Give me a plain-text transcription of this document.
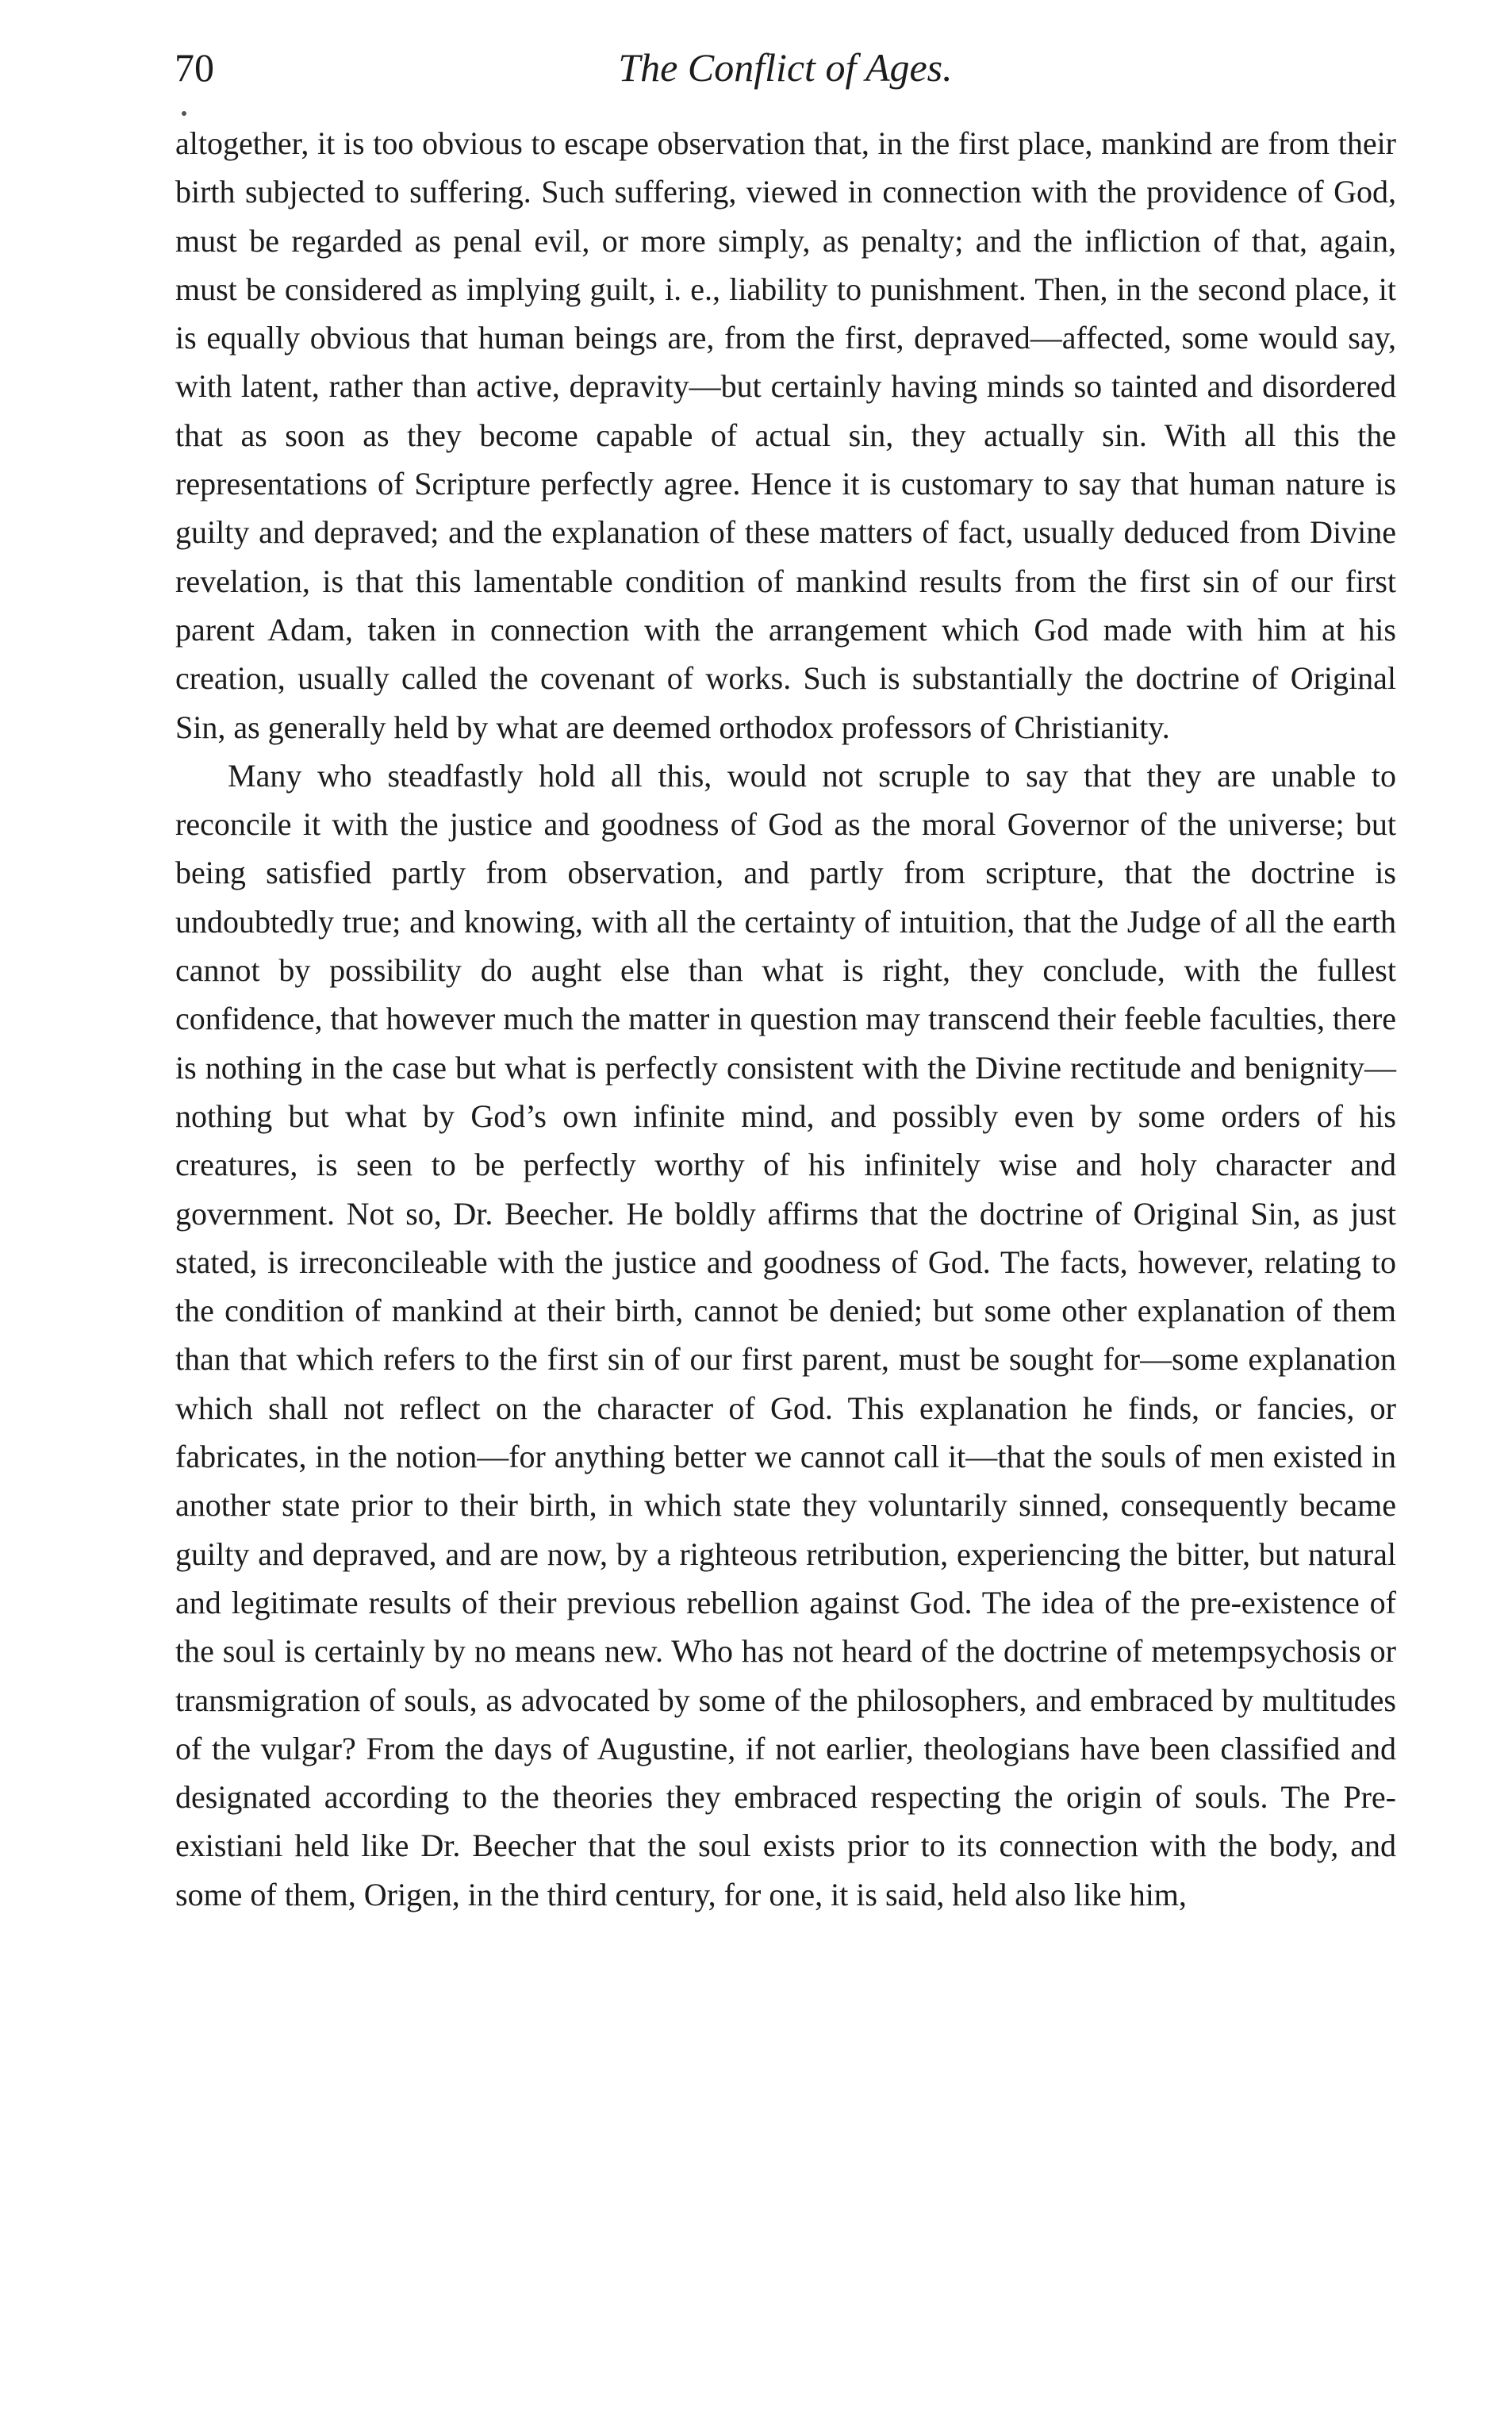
70	The Conflict of Ages.

altogether, it is too obvious to escape observation that, in the first place, mankind are from their birth subjected to suffering. Such suffering, viewed in connection with the providence of God, must be regarded as penal evil, or more simply, as penalty; and the infliction of that, again, must be considered as implying guilt, i. e., liability to punishment. Then, in the second place, it is equally obvious that human beings are, from the first, depraved—affected, some would say, with latent, rather than active, depravity—but certainly having minds so tainted and disordered that as soon as they become capable of actual sin, they actually sin. With all this the representations of Scripture perfectly agree. Hence it is customary to say that human nature is guilty and depraved; and the explanation of these matters of fact, usually deduced from Divine revelation, is that this lamentable condition of mankind results from the first sin of our first parent Adam, taken in connection with the arrangement which God made with him at his creation, usually called the covenant of works. Such is substantially the doctrine of Original Sin, as generally held by what are deemed orthodox professors of Christianity.

Many who steadfastly hold all this, would not scruple to say that they are unable to reconcile it with the justice and goodness of God as the moral Governor of the universe; but being satisfied partly from observation, and partly from scripture, that the doctrine is undoubtedly true; and knowing, with all the certainty of intuition, that the Judge of all the earth cannot by possibility do aught else than what is right, they conclude, with the fullest confidence, that however much the matter in question may transcend their feeble faculties, there is nothing in the case but what is perfectly consistent with the Divine rectitude and benignity—nothing but what by God’s own infinite mind, and possibly even by some orders of his creatures, is seen to be perfectly worthy of his infinitely wise and holy character and government. Not so, Dr. Beecher. He boldly affirms that the doctrine of Original Sin, as just stated, is irreconcileable with the justice and goodness of God. The facts, however, relating to the condition of mankind at their birth, cannot be denied; but some other explanation of them than that which refers to the first sin of our first parent, must be sought for—some explanation which shall not reflect on the character of God. This explanation he finds, or fancies, or fabricates, in the notion—for anything better we cannot call it—that the souls of men existed in another state prior to their birth, in which state they voluntarily sinned, consequently became guilty and depraved, and are now, by a righteous retribution, experiencing the bitter, but natural and legitimate results of their previous rebellion against God. The idea of the pre-existence of the soul is certainly by no means new. Who has not heard of the doctrine of metempsychosis or transmigration of souls, as advocated by some of the philosophers, and embraced by multitudes of the vulgar? From the days of Augustine, if not earlier, theologians have been classified and designated according to the theories they embraced respecting the origin of souls. The Pre-existiani held like Dr. Beecher that the soul exists prior to its connection with the body, and some of them, Origen, in the third century, for one, it is said, held also like him,
